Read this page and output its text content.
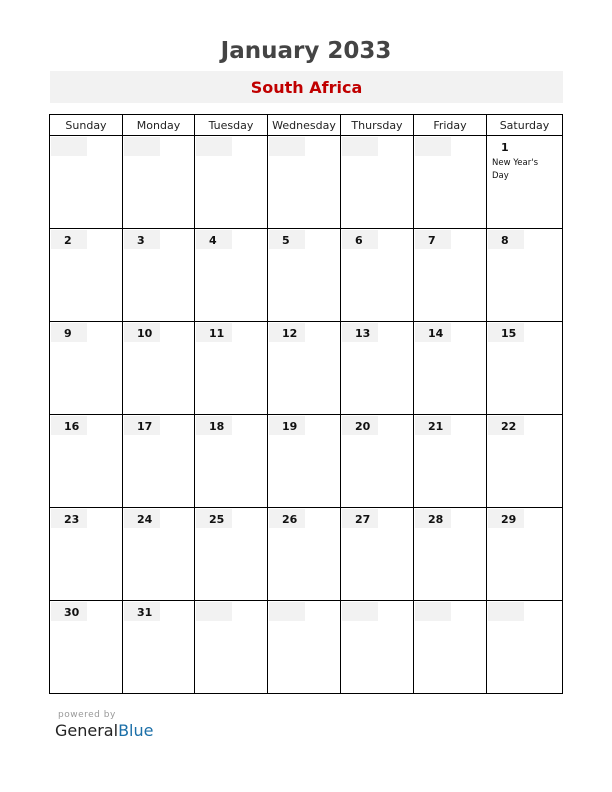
January 2033
South Africa
Sunday	Monday	Tuesday	Wednesday	Thursday	Friday	Saturday

						1
New Year's Day

2	3	4	5	6	7	8

9	10	11	12	13	14	15

16	17	18	19	20	21	22

23	24	25	26	27	28	29

30	31					

powered by
GeneralBlue
